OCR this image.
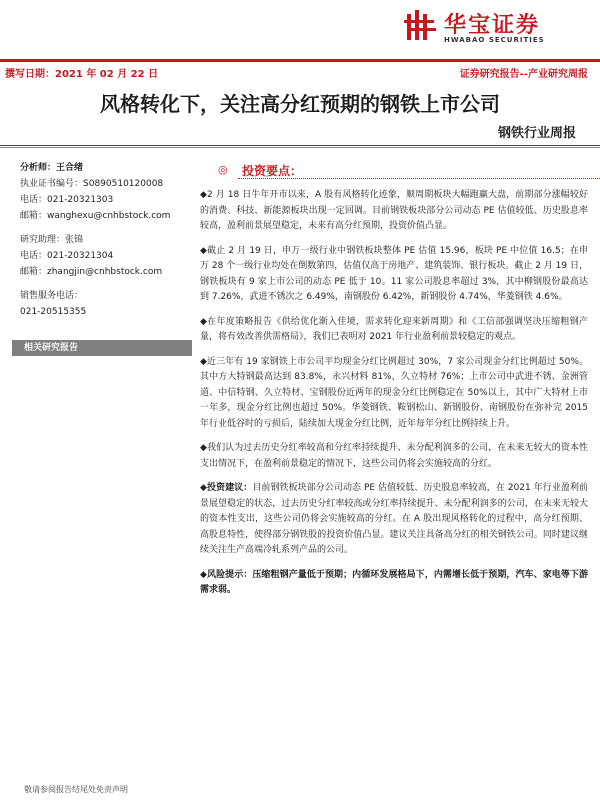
华宝证券
HWABAO SECURITIES
撰写日期：2021 年 02 月 22 日	证券研究报告--产业研究周报
风格转化下，关注高分红预期的钢铁上市公司
钢铁行业周报
分析师：王合绪
执业证书编号：S0890510120008
电话：021-20321303
邮箱：wanghexu@cnhbstock.com
研究助理：张锦
电话：021-20321304
邮箱：zhangjin@cnhbstock.com
销售服务电话：
021-20515355
相关研究报告
◎ 投资要点：
◆2 月 18 日牛年开市以来，A 股有风格转化迹象，顺周期板块大幅跑赢大盘，前期部分涨幅较好的消费、科技、新能源板块出现一定回调。目前钢铁板块部分公司动态 PE 估值较低、历史股息率较高，盈利前景展望稳定，未来有高分红预期，投资价值凸显。
◆截止 2 月 19 日，申万一级行业中钢铁板块整体 PE 估值 15.96，板块 PE 中位值 16.5；在申万 28 个一级行业均处在倒数第四，估值仅高于房地产、建筑装饰、银行板块。截止 2 月 19 日，钢铁板块有 9 家上市公司的动态 PE 低于 10。11 家公司股息率超过 3%，其中柳钢股份最高达到 7.26%，武进不锈次之 6.49%，南钢股份 6.42%，新钢股份 4.74%，华菱钢铁 4.6%。
◆在年度策略报告《供给优化渐入佳境，需求转化迎来新周期》和《工信部强调坚决压缩粗钢产量，将有效改善供需格局》，我们已表明对 2021 年行业盈利前景较稳定的观点。
◆近三年有 19 家钢铁上市公司平均现金分红比例超过 30%，7 家公司现金分红比例超过 50%。其中方大特钢最高达到 83.8%，永兴材料 81%，久立特材 76%；上市公司中武进不锈、金洲管道、中信特钢、久立特材、宝钢股份近两年的现金分红比例稳定在 50%以上，其中广大特材上市一年多，现金分红比例也超过 50%。华菱钢铁、鞍钢松山、新钢股份、南钢股份在弥补完 2015 年行业低谷时的亏损后，陆续加大现金分红比例，近年每年分红比例持续上升。
◆我们认为过去历史分红率较高和分红率持续提升、未分配利润多的公司，在未来无较大的资本性支出情况下，在盈利前景稳定的情况下，这些公司仍将会实施较高的分红。
◆投资建议：目前钢铁板块部分公司动态 PE 估值较低、历史股息率较高，在 2021 年行业盈利前景展望稳定的状态，过去历史分红率较高或分红率持续提升、未分配利润多的公司，在未来无较大的资本性支出，这些公司仍将会实施较高的分红。在 A 股出现风格转化的过程中，高分红预期、高股息特性，使得部分钢铁股的投资价值凸显。建议关注具备高分红的相关钢铁公司。同时建议继续关注生产高端冷轧系列产品的公司。
◆风险提示：压缩粗钢产量低于预期；内循环发展格局下，内需增长低于预期，汽车、家电等下游需求弱。
敬请参阅报告结尾处免责声明
